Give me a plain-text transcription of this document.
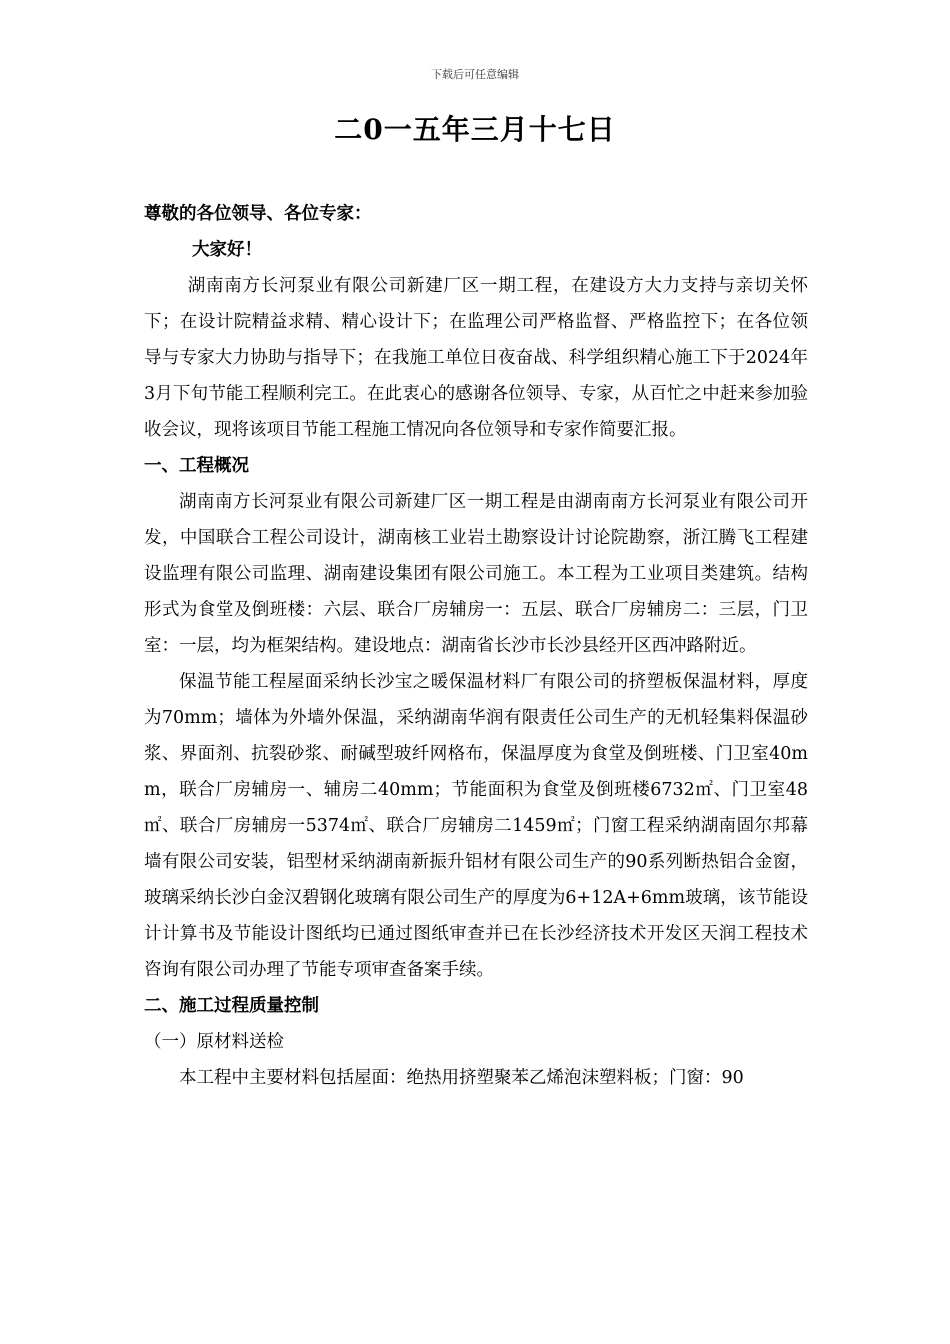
下载后可任意编辑
二0一五年三月十七日

尊敬的各位领导、各位专家：

大家好！

湖南南方长河泵业有限公司新建厂区一期工程，在建设方大力支持与亲切关怀下；在设计院精益求精、精心设计下；在监理公司严格监督、严格监控下；在各位领导与专家大力协助与指导下；在我施工单位日夜奋战、科学组织精心施工下于2024年3月下旬节能工程顺利完工。在此衷心的感谢各位领导、专家，从百忙之中赶来参加验收会议，现将该项目节能工程施工情况向各位领导和专家作简要汇报。

一、工程概况

湖南南方长河泵业有限公司新建厂区一期工程是由湖南南方长河泵业有限公司开发，中国联合工程公司设计，湖南核工业岩土勘察设计讨论院勘察，浙江腾飞工程建设监理有限公司监理、湖南建设集团有限公司施工。本工程为工业项目类建筑。结构形式为食堂及倒班楼：六层、联合厂房辅房一：五层、联合厂房辅房二：三层，门卫室：一层，均为框架结构。建设地点：湖南省长沙市长沙县经开区西冲路附近。

保温节能工程屋面采纳长沙宝之暖保温材料厂有限公司的挤塑板保温材料，厚度为70mm；墙体为外墙外保温，采纳湖南华润有限责任公司生产的无机轻集料保温砂浆、界面剂、抗裂砂浆、耐碱型玻纤网格布，保温厚度为食堂及倒班楼、门卫室40mm，联合厂房辅房一、辅房二40mm；节能面积为食堂及倒班楼6732㎡、门卫室48㎡、联合厂房辅房一5374㎡、联合厂房辅房二1459㎡；门窗工程采纳湖南固尔邦幕墙有限公司安装，铝型材采纳湖南新振升铝材有限公司生产的90系列断热铝合金窗，玻璃采纳长沙白金汉碧钢化玻璃有限公司生产的厚度为6+12A+6mm玻璃，该节能设计计算书及节能设计图纸均已通过图纸审查并已在长沙经济技术开发区天润工程技术咨询有限公司办理了节能专项审查备案手续。

二、施工过程质量控制

（一）原材料送检

本工程中主要材料包括屋面：绝热用挤塑聚苯乙烯泡沫塑料板；门窗：90
